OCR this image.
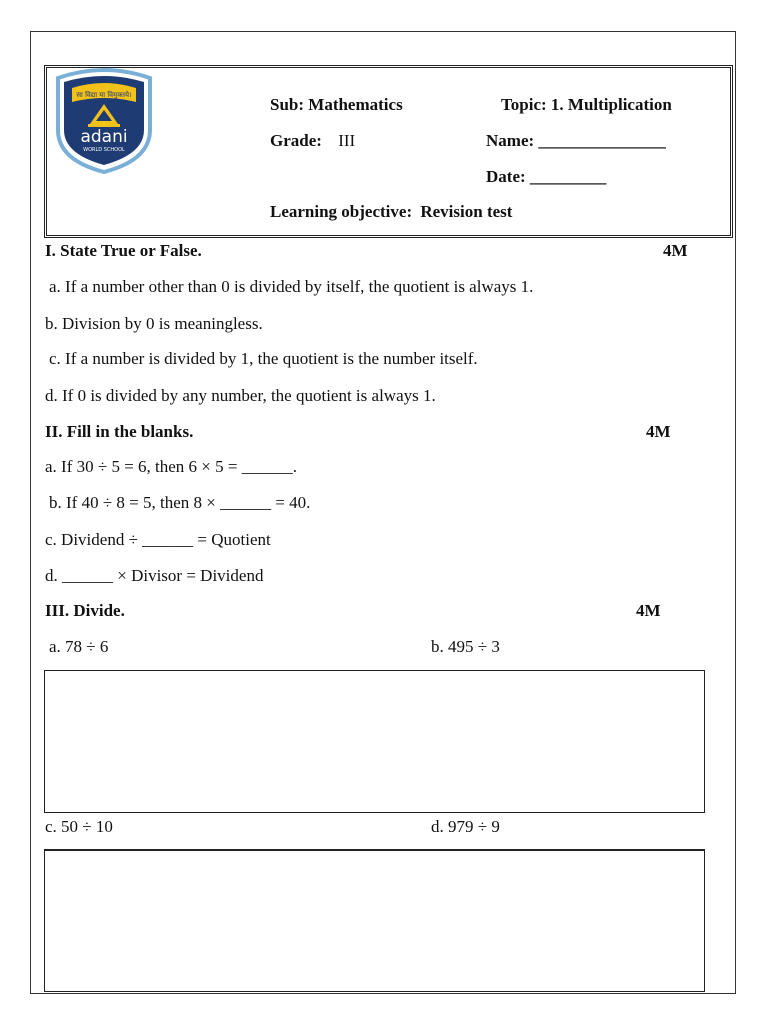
सा विद्या या विमुक्तये।
adani
WORLD SCHOOL
Sub: Mathematics	Topic: 1. Multiplication
Grade: III	Name: _______________
Date: _________
Learning objective: Revision test
I. State True or False.	4M
a. If a number other than 0 is divided by itself, the quotient is always 1.
b. Division by 0 is meaningless.
c. If a number is divided by 1, the quotient is the number itself.
d. If 0 is divided by any number, the quotient is always 1.
II. Fill in the blanks.	4M
a. If 30 ÷ 5 = 6, then 6 × 5 = ______.
b. If 40 ÷ 8 = 5, then 8 × ______ = 40.
c. Dividend ÷ ______ = Quotient
d. ______ × Divisor = Dividend
III. Divide.	4M
a. 78 ÷ 6	b. 495 ÷ 3
c. 50 ÷ 10	d. 979 ÷ 9
